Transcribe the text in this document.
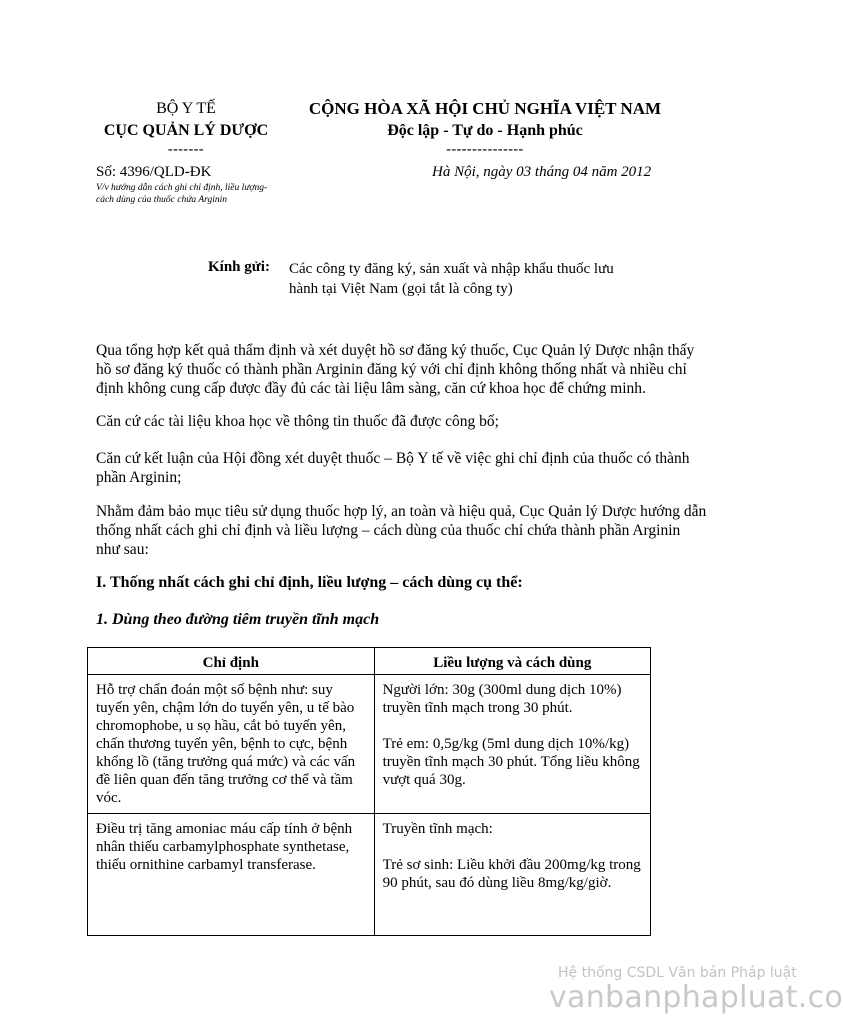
BỘ Y TẾ
CỤC QUẢN LÝ DƯỢC
-------
CỘNG HÒA XÃ HỘI CHỦ NGHĨA VIỆT NAM
Độc lập - Tự do - Hạnh phúc
---------------
Số: 4396/QLD-ĐK
V/v hướng dẫn cách ghi chỉ định, liều lượng-
cách dùng của thuốc chứa Arginin
Hà Nội, ngày 03 tháng 04 năm 2012
Kính gửi: Các công ty đăng ký, sản xuất và nhập khẩu thuốc lưu
hành tại Việt Nam (gọi tắt là công ty)
Qua tổng hợp kết quả thẩm định và xét duyệt hồ sơ đăng ký thuốc, Cục Quản lý Dược nhận thấy hồ sơ đăng ký thuốc có thành phần Arginin đăng ký với chỉ định không thống nhất và nhiều chỉ định không cung cấp được đầy đủ các tài liệu lâm sàng, căn cứ khoa học để chứng minh.
Căn cứ các tài liệu khoa học về thông tin thuốc đã được công bố;
Căn cứ kết luận của Hội đồng xét duyệt thuốc – Bộ Y tế về việc ghi chỉ định của thuốc có thành phần Arginin;
Nhằm đảm bảo mục tiêu sử dụng thuốc hợp lý, an toàn và hiệu quả, Cục Quản lý Dược hướng dẫn thống nhất cách ghi chỉ định và liều lượng – cách dùng của thuốc chỉ chứa thành phần Arginin như sau:
I. Thống nhất cách ghi chỉ định, liều lượng – cách dùng cụ thể:
1. Dùng theo đường tiêm truyền tĩnh mạch
Chỉ định	Liều lượng và cách dùng
Hỗ trợ chẩn đoán một số bệnh như: suy tuyến yên, chậm lớn do tuyến yên, u tế bào chromophobe, u sọ hầu, cắt bỏ tuyến yên, chấn thương tuyến yên, bệnh to cực, bệnh khổng lồ (tăng trưởng quá mức) và các vấn đề liên quan đến tăng trưởng cơ thể và tầm vóc.	Người lớn: 30g (300ml dung dịch 10%) truyền tĩnh mạch trong 30 phút.
Trẻ em: 0,5g/kg (5ml dung dịch 10%/kg) truyền tĩnh mạch 30 phút. Tổng liều không vượt quá 30g.

Điều trị tăng amoniac máu cấp tính ở bệnh nhân thiếu carbamylphosphate synthetase, thiếu ornithine carbamyl transferase.	Truyền tĩnh mạch:
Trẻ sơ sinh: Liều khởi đầu 200mg/kg trong 90 phút, sau đó dùng liều 8mg/kg/giờ.
Hệ thống CSDL Văn bản Pháp luật
vanbanphapluat.co
